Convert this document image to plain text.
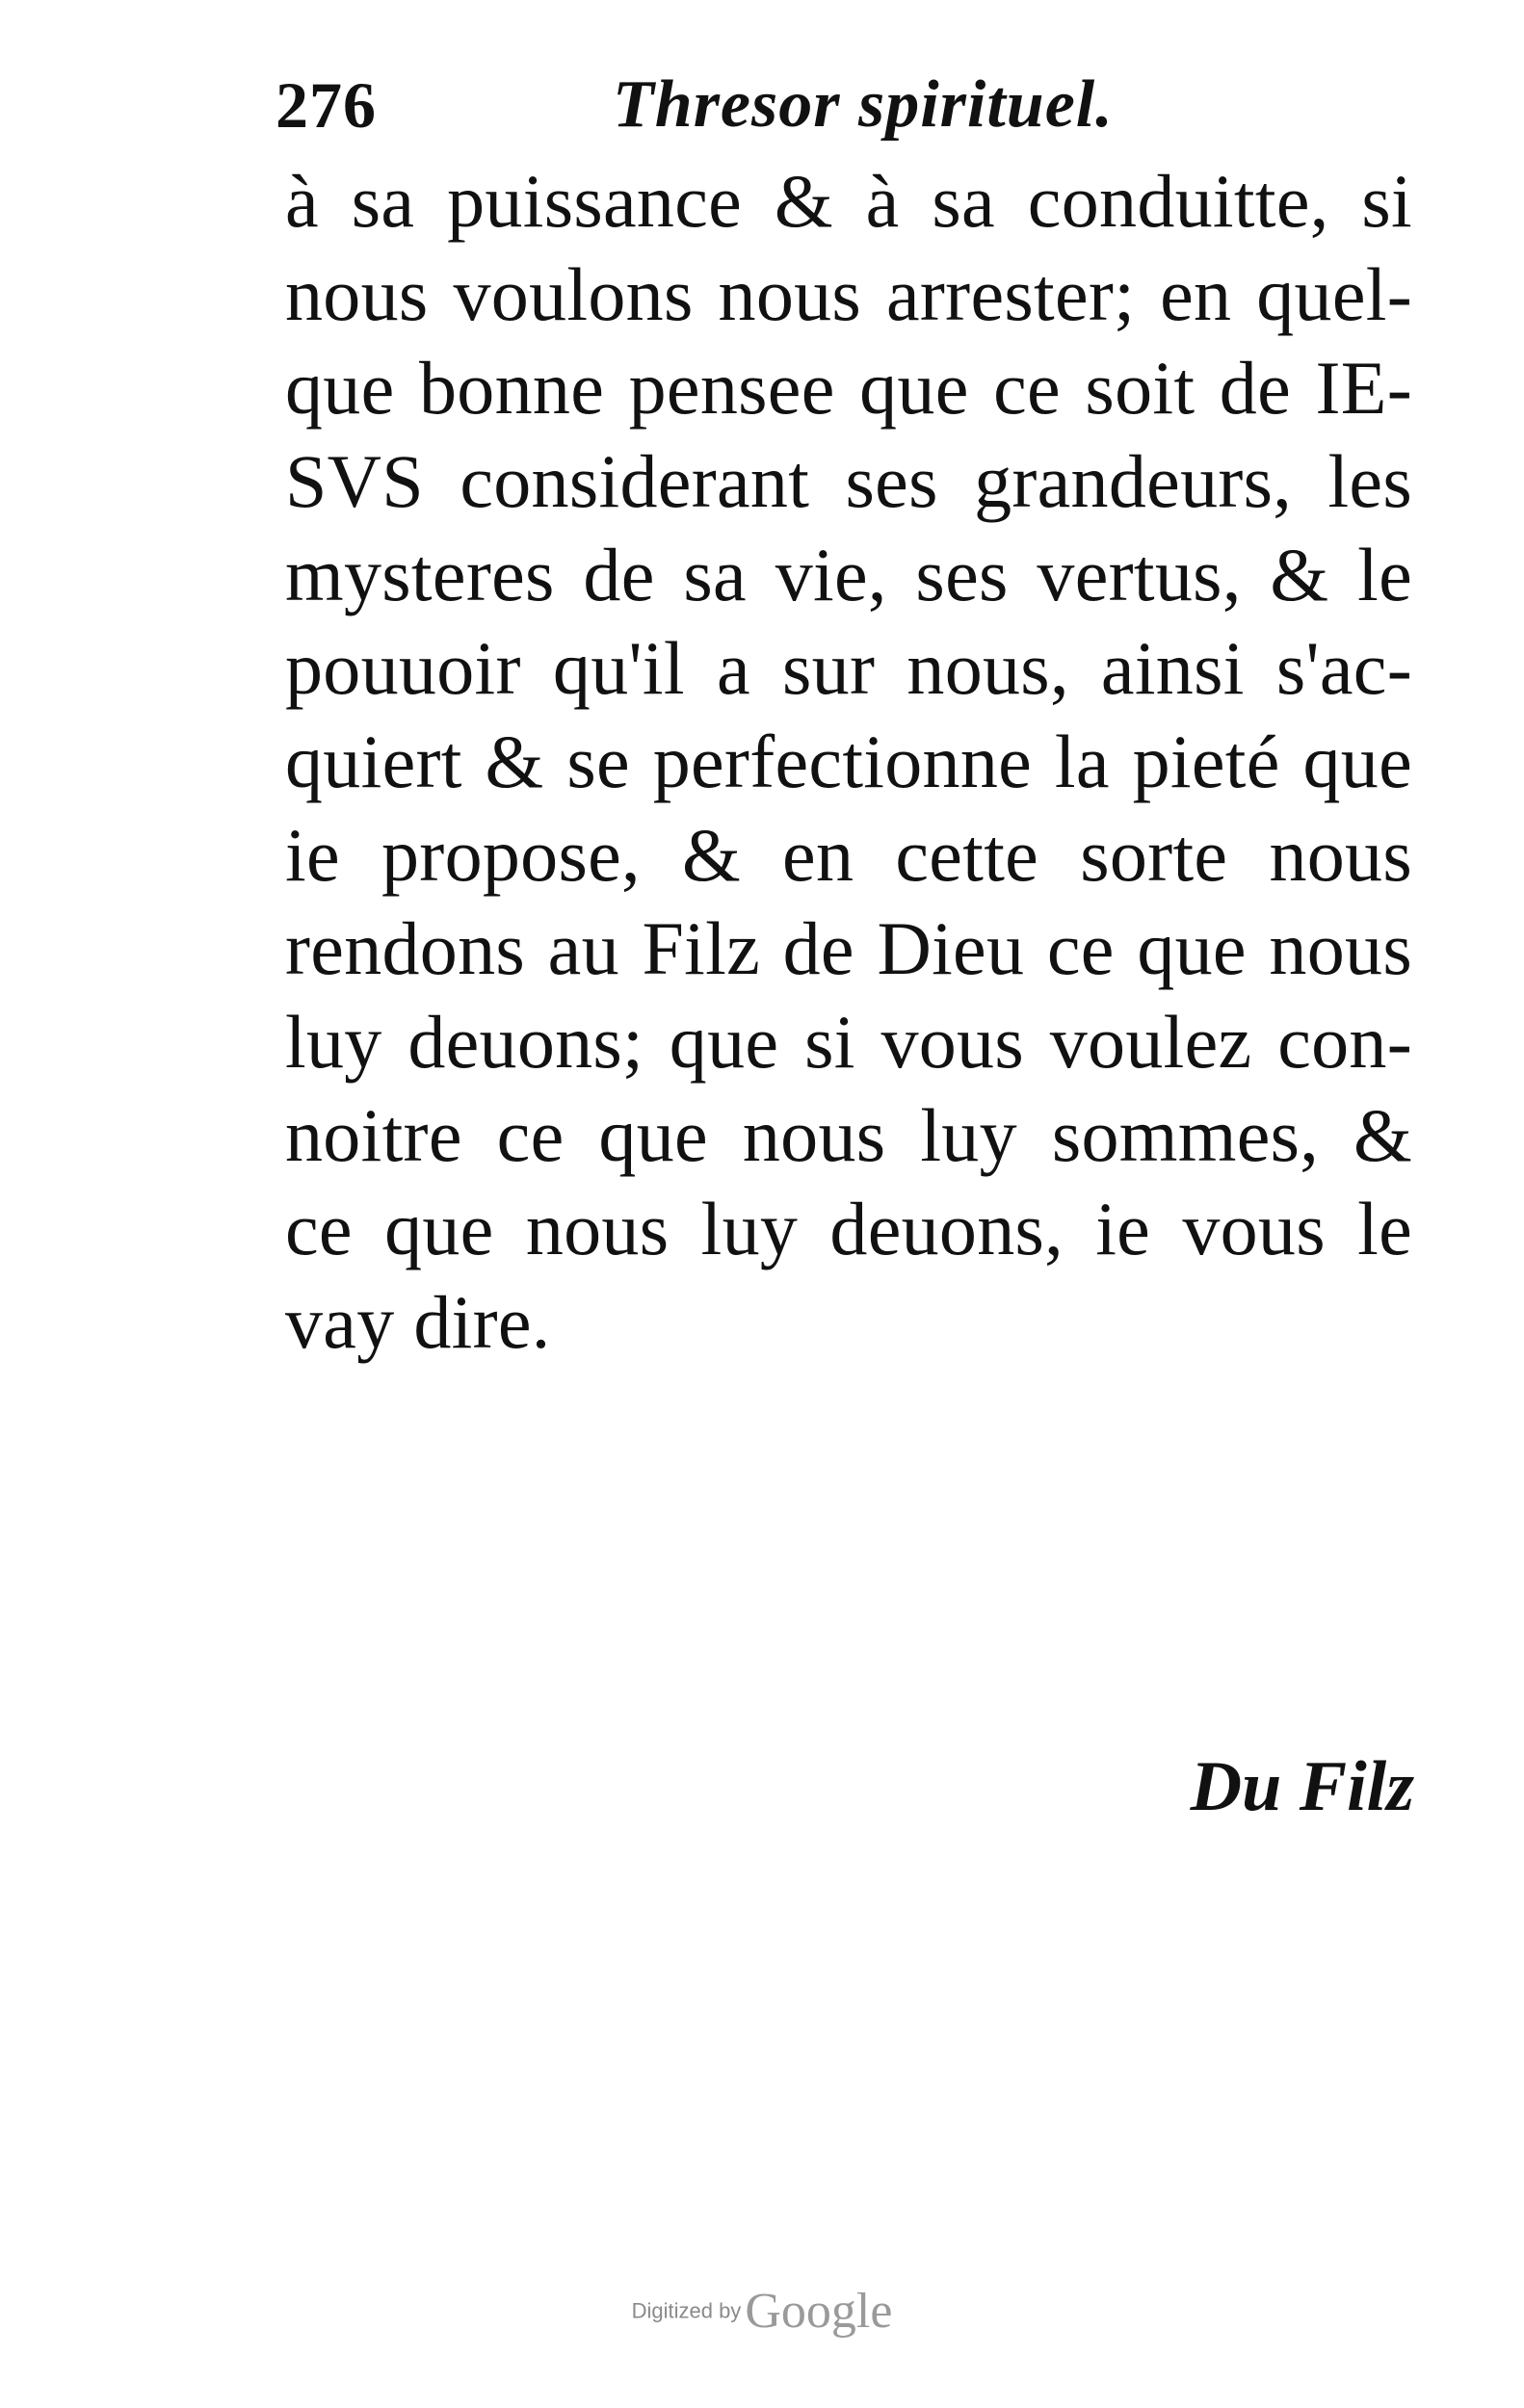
276	Thresor spirituel.
à sa puissance & à sa conduitte, si
nous voulons nous arrester; en quel-
que bonne pensee que ce soit de IE-
SVS considerant ses grandeurs, les
mysteres de sa vie, ses vertus, & le
pouuoir qu'il a sur nous, ainsi s'ac-
quiert & se perfectionne la pieté que
ie propose, & en cette sorte nous
rendons au Filz de Dieu ce que nous
luy deuons; que si vous voulez con-
noitre ce que nous luy sommes, &
ce que nous luy deuons, ie vous le
vay dire.
Du Filz
Digitized by Google
